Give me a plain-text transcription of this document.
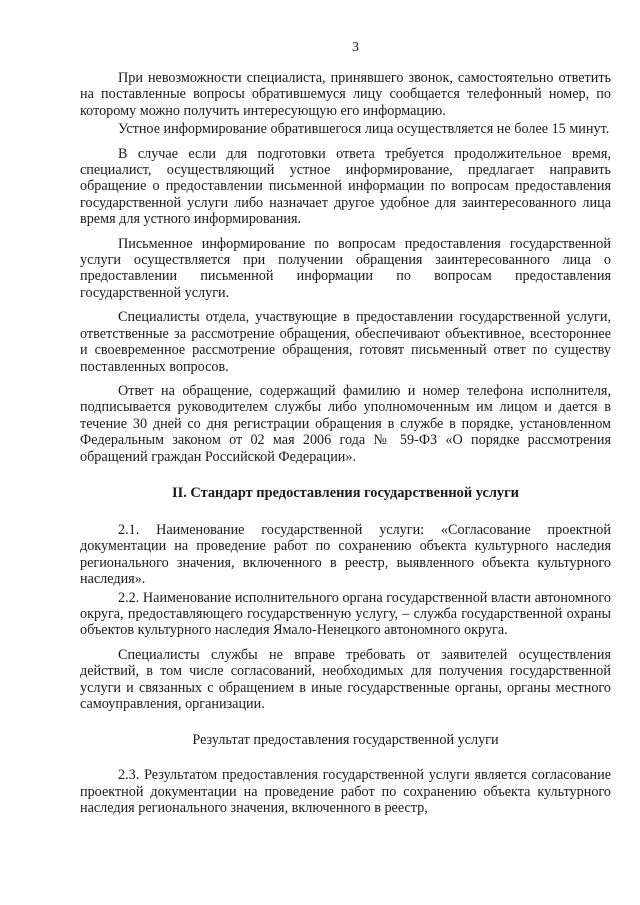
3

При невозможности специалиста, принявшего звонок, самостоятельно ответить на поставленные вопросы обратившемуся лицу сообщается телефонный номер, по которому можно получить интересующую его информацию.

Устное информирование обратившегося лица осуществляется не более 15 минут.

В случае если для подготовки ответа требуется продолжительное время, специалист, осуществляющий устное информирование, предлагает направить обращение о предоставлении письменной информации по вопросам предоставления государственной услуги либо назначает другое удобное для заинтересованного лица время для устного информирования.

Письменное информирование по вопросам предоставления государственной услуги осуществляется при получении обращения заинтересованного лица о предоставлении письменной информации по вопросам предоставления государственной услуги.

Специалисты отдела, участвующие в предоставлении государственной услуги, ответственные за рассмотрение обращения, обеспечивают объективное, всестороннее и своевременное рассмотрение обращения, готовят письменный ответ по существу поставленных вопросов.

Ответ на обращение, содержащий фамилию и номер телефона исполнителя, подписывается руководителем службы либо уполномоченным им лицом и дается в течение 30 дней со дня регистрации обращения в службе в порядке, установленном Федеральным законом от 02 мая 2006 года № 59-ФЗ «О порядке рассмотрения обращений граждан Российской Федерации».

II. Стандарт предоставления государственной услуги

2.1. Наименование государственной услуги: «Согласование проектной документации на проведение работ по сохранению объекта культурного наследия регионального значения, включенного в реестр, выявленного объекта культурного наследия».

2.2. Наименование исполнительного органа государственной власти автономного округа, предоставляющего государственную услугу, – служба государственной охраны объектов культурного наследия Ямало-Ненецкого автономного округа.

Специалисты службы не вправе требовать от заявителей осуществления действий, в том числе согласований, необходимых для получения государственной услуги и связанных с обращением в иные государственные органы, органы местного самоуправления, организации.

Результат предоставления государственной услуги

2.3. Результатом предоставления государственной услуги является согласование проектной документации на проведение работ по сохранению объекта культурного наследия регионального значения, включенного в реестр,
